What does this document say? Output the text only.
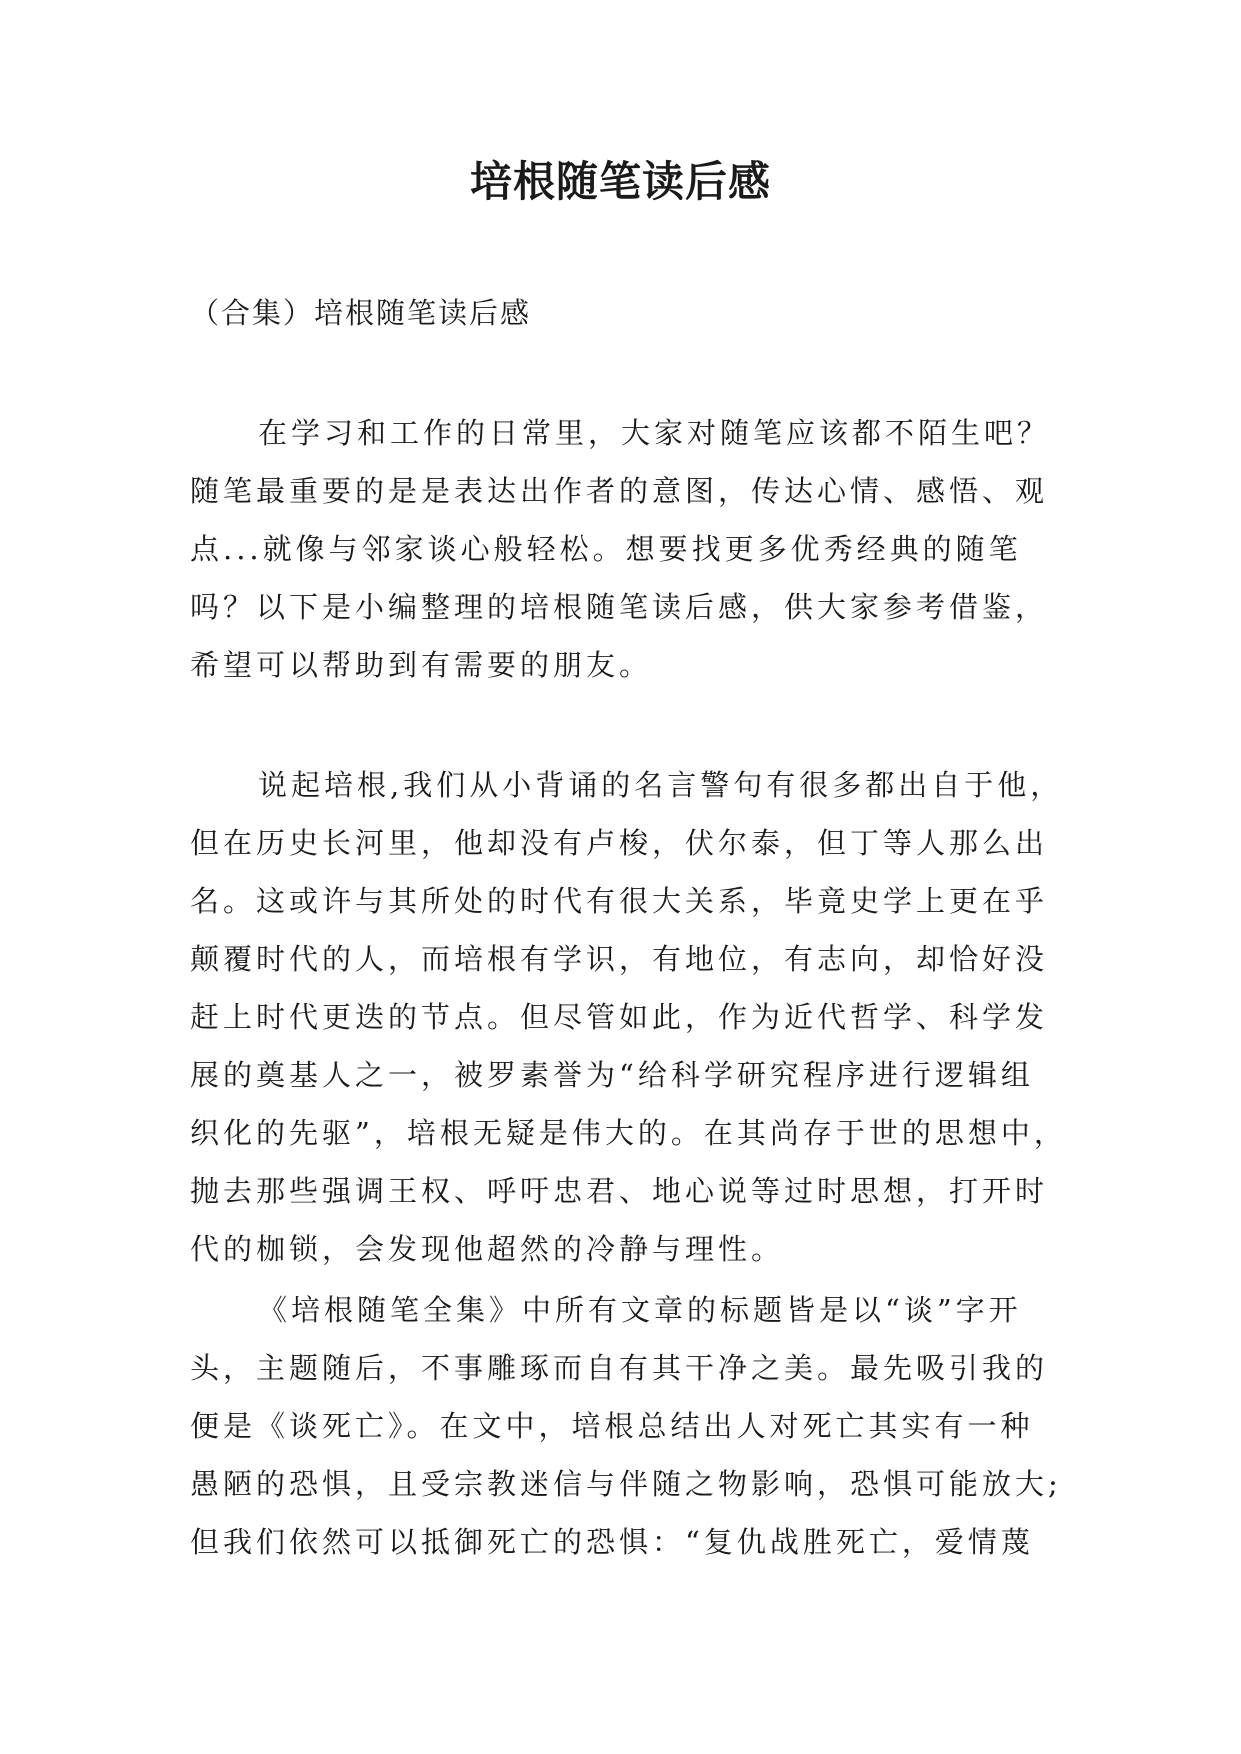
培根随笔读后感
（合集）培根随笔读后感
在学习和工作的日常里，大家对随笔应该都不陌生吧？
随笔最重要的是是表达出作者的意图，传达心情、感悟、观
点...就像与邻家谈心般轻松。想要找更多优秀经典的随笔
吗？以下是小编整理的培根随笔读后感，供大家参考借鉴，
希望可以帮助到有需要的朋友。
说起培根,我们从小背诵的名言警句有很多都出自于他，
但在历史长河里，他却没有卢梭，伏尔泰，但丁等人那么出
名。这或许与其所处的时代有很大关系，毕竟史学上更在乎
颠覆时代的人，而培根有学识，有地位，有志向，却恰好没
赶上时代更迭的节点。但尽管如此，作为近代哲学、科学发
展的奠基人之一，被罗素誉为“给科学研究程序进行逻辑组
织化的先驱”，培根无疑是伟大的。在其尚存于世的思想中，
抛去那些强调王权、呼吁忠君、地心说等过时思想，打开时
代的枷锁，会发现他超然的冷静与理性。
《培根随笔全集》中所有文章的标题皆是以“谈”字开
头，主题随后，不事雕琢而自有其干净之美。最先吸引我的
便是《谈死亡》。在文中，培根总结出人对死亡其实有一种
愚陋的恐惧，且受宗教迷信与伴随之物影响，恐惧可能放大;
但我们依然可以抵御死亡的恐惧：“复仇战胜死亡，爱情蔑
